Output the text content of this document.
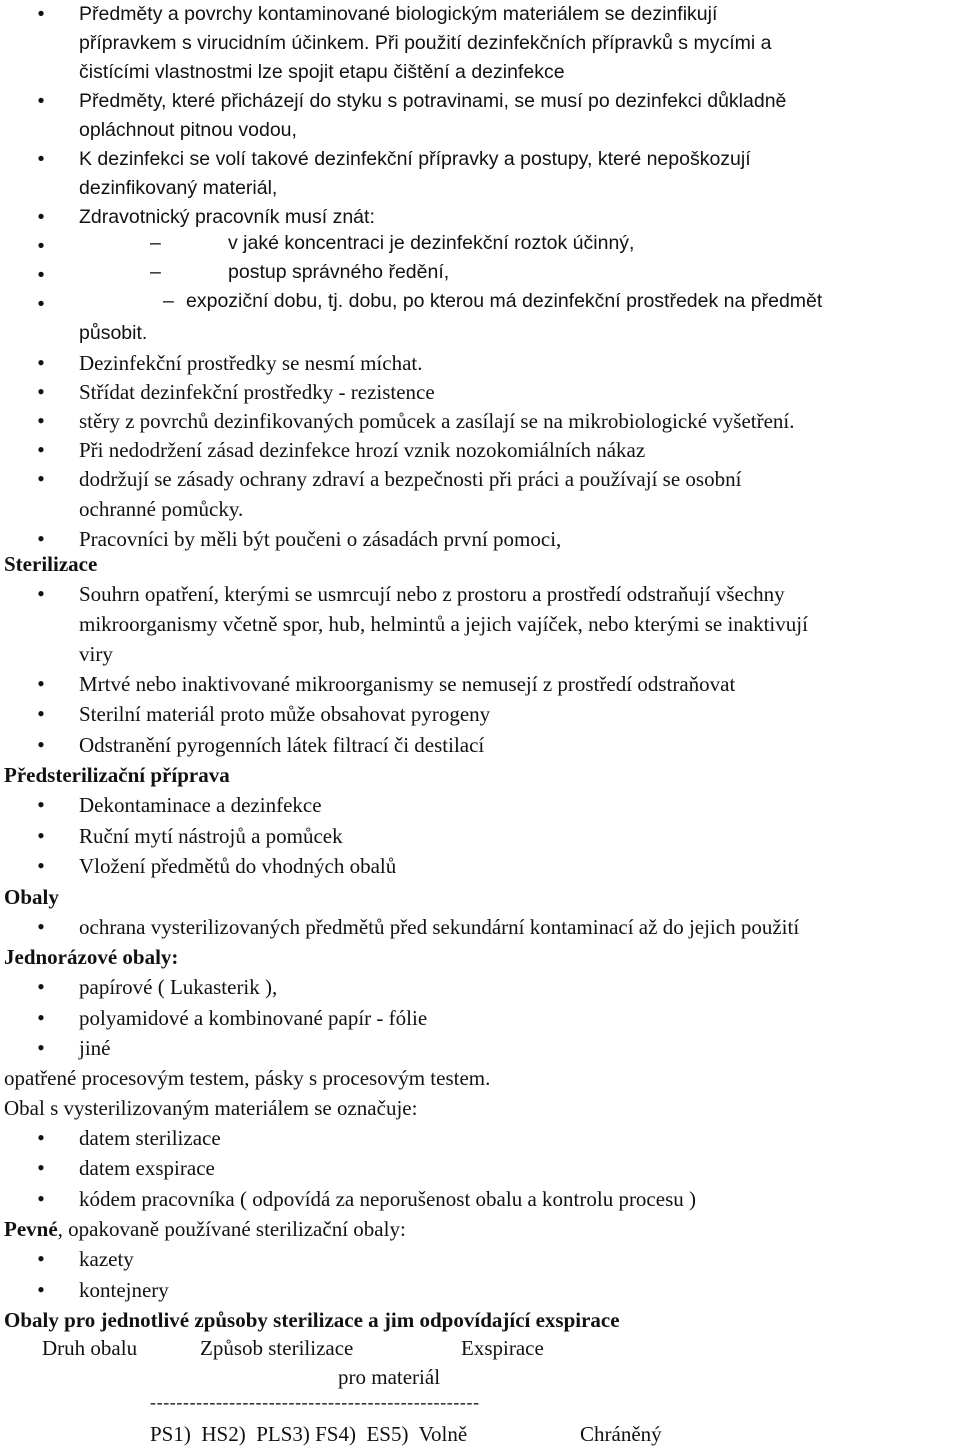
•
Předměty a povrchy kontaminované biologickým materiálem se dezinfikují
přípravkem s virucidním účinkem. Při použití dezinfekčních přípravků s mycími a
čistícími vlastnostmi lze spojit etapu čištění a dezinfekce
•
Předměty, které přicházejí do styku s potravinami, se musí po dezinfekci důkladně
opláchnout pitnou vodou,
•
K dezinfekci se volí takové dezinfekční přípravky a postupy, které nepoškozují
dezinfikovaný materiál,
•
Zdravotnický pracovník musí znát:
•
–	v jaké koncentraci je dezinfekční roztok účinný,
•
–	postup správného ředění,
•
– expoziční dobu, tj. dobu, po kterou má dezinfekční prostředek na předmět
působit.
•
Dezinfekční prostředky se nesmí míchat.
•
Střídat dezinfekční prostředky - rezistence
•
stěry z povrchů dezinfikovaných pomůcek a zasílají se na mikrobiologické vyšetření.
•
Při nedodržení zásad dezinfekce hrozí vznik nozokomiálních nákaz
•
dodržují se zásady ochrany zdraví a bezpečnosti při práci a používají se osobní
ochranné pomůcky.
•
Pracovníci by měli být poučeni o zásadách první pomoci,
Sterilizace
•
Souhrn opatření, kterými se usmrcují nebo z prostoru a prostředí odstraňují všechny
mikroorganismy včetně spor, hub, helmintů a jejich vajíček, nebo kterými se inaktivují
viry
•
Mrtvé nebo inaktivované mikroorganismy se nemusejí z prostředí odstraňovat
•
Sterilní materiál proto může obsahovat pyrogeny
•
Odstranění pyrogenních látek filtrací či destilací
Předsterilizační příprava
•
Dekontaminace a dezinfekce
•
Ruční mytí nástrojů a pomůcek
•
Vložení předmětů do vhodných obalů
Obaly
•
ochrana vysterilizovaných předmětů před sekundární kontaminací až do jejich použití
Jednorázové obaly:
•
papírové ( Lukasterik ),
•
polyamidové a kombinované papír - fólie
•
jiné
opatřené procesovým testem, pásky s procesovým testem.
Obal s vysterilizovaným materiálem se označuje:
•
datem sterilizace
•
datem exspirace
•
kódem pracovníka ( odpovídá za neporušenost obalu a kontrolu procesu )
Pevné, opakovaně používané sterilizační obaly:
•
kazety
•
kontejnery
Obaly pro jednotlivé způsoby sterilizace a jim odpovídající exspirace
Druh obalu	Způsob sterilizace	Exspirace
pro materiál
--------------------------------------------------
PS1)  HS2)  PLS3) FS4)  ES5)  Volně	Chráněný
